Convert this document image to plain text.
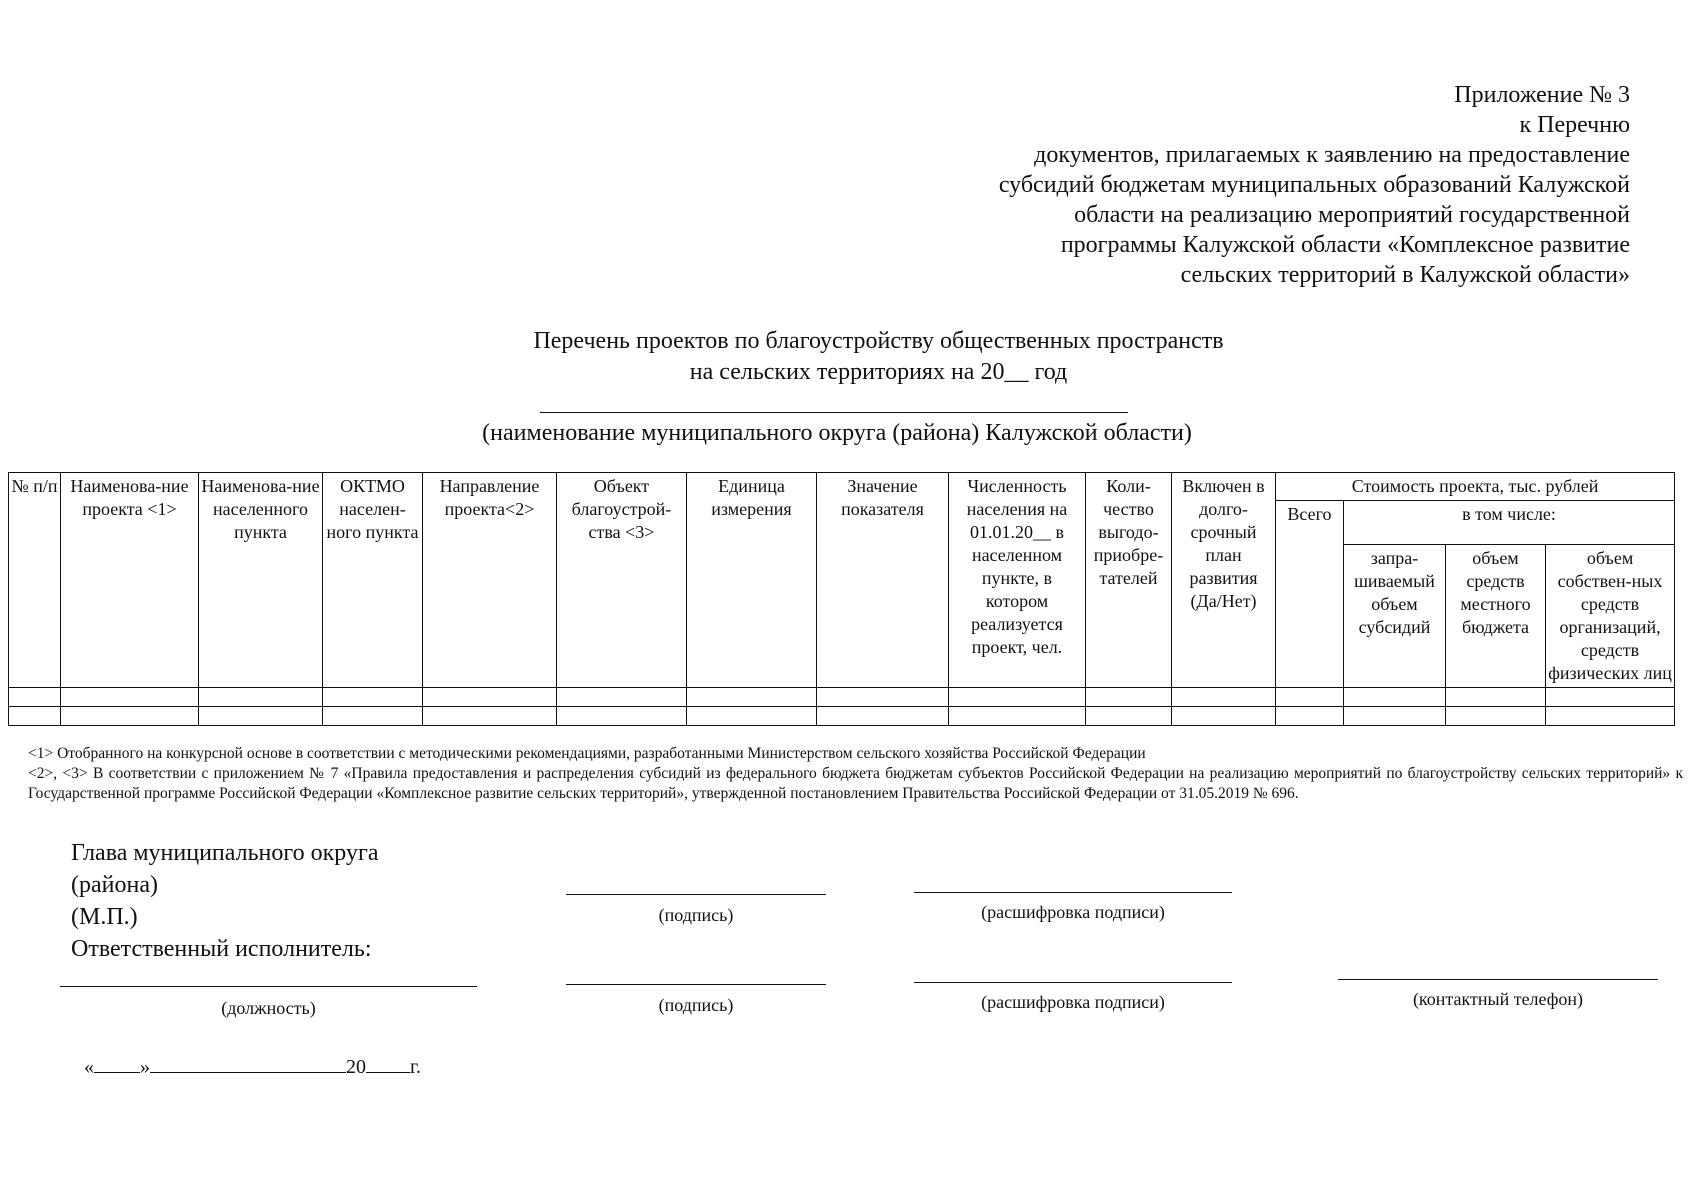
Приложение № 3
к Перечню
документов, прилагаемых к заявлению на предоставление
субсидий бюджетам муниципальных образований Калужской
области на реализацию мероприятий государственной
программы Калужской области «Комплексное развитие
сельских территорий в Калужской области»
Перечень проектов по благоустройству общественных пространств
на сельских территориях на 20__ год
(наименование муниципального округа (района) Калужской области)
№ п/п	Наименова-ние проекта <1>	Наименова-ние населенного пункта	ОКТМО населен-ного пункта	Направление проекта<2>	Объект благоустрой-ства <3>	Единица измерения	Значение показателя	Численность населения на 01.01.20__ в населенном пункте, в котором реализуется проект, чел.	Коли-чество выгодо-приобре-тателей	Включен в долго-срочный план развития (Да/Нет)	Стоимость проекта, тыс. рублей			
											Всего	в том числе:		
												запра-шиваемый объем субсидий	объем средств местного бюджета	объем собствен-ных средств организаций, средств физических лиц

<1> Отобранного на конкурсной основе в соответствии с методическими рекомендациями, разработанными Министерством сельского хозяйства Российской Федерации
<2>, <3> В соответствии с приложением № 7 «Правила предоставления и распределения субсидий из федерального бюджета бюджетам субъектов Российской Федерации на реализацию мероприятий по благоустройству сельских территорий» к Государственной программе Российской Федерации «Комплексное развитие сельских территорий», утвержденной постановлением Правительства Российской Федерации от 31.05.2019 № 696.
Глава муниципального округа
(района)
(М.П.)
Ответственный исполнитель:
(подпись)	(расшифровка подписи)
(должность)	(подпись)	(расшифровка подписи)	(контактный телефон)
« »	20 г.
